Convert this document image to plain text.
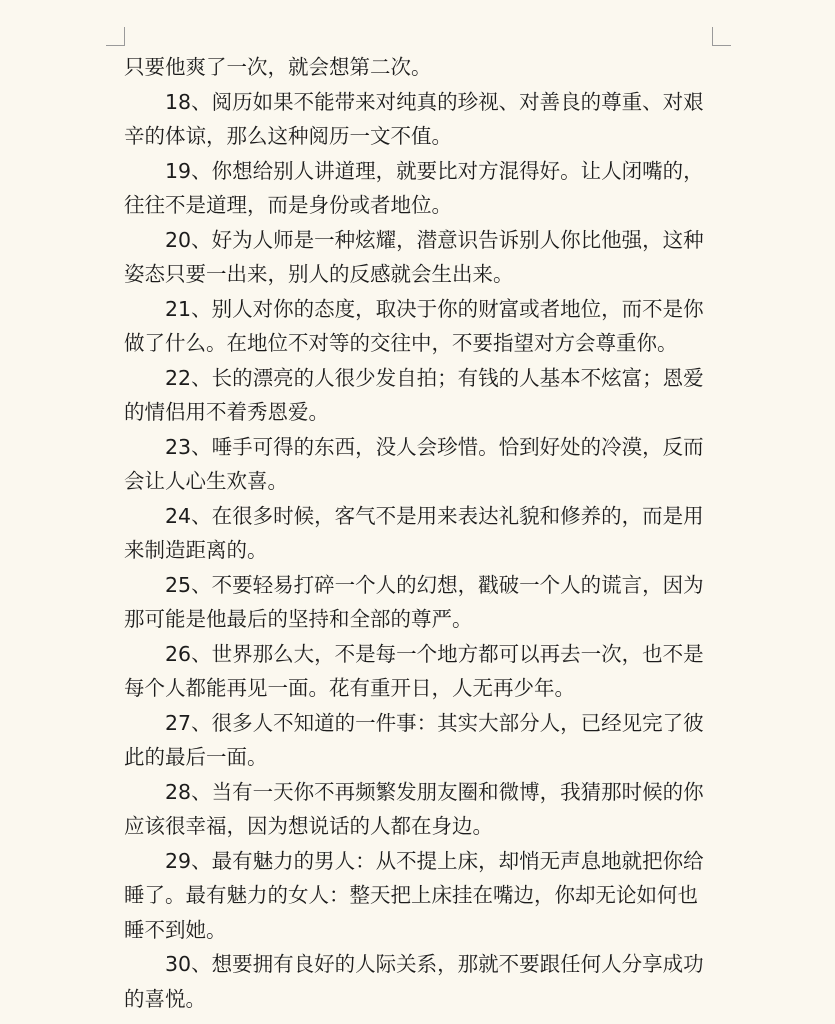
只要他爽了一次，就会想第二次。

18、阅历如果不能带来对纯真的珍视、对善良的尊重、对艰辛的体谅，那么这种阅历一文不值。

19、你想给别人讲道理，就要比对方混得好。让人闭嘴的，往往不是道理，而是身份或者地位。

20、好为人师是一种炫耀，潜意识告诉别人你比他强，这种姿态只要一出来，别人的反感就会生出来。

21、别人对你的态度，取决于你的财富或者地位，而不是你做了什么。在地位不对等的交往中，不要指望对方会尊重你。

22、长的漂亮的人很少发自拍；有钱的人基本不炫富；恩爱的情侣用不着秀恩爱。

23、唾手可得的东西，没人会珍惜。恰到好处的冷漠，反而会让人心生欢喜。

24、在很多时候，客气不是用来表达礼貌和修养的，而是用来制造距离的。

25、不要轻易打碎一个人的幻想，戳破一个人的谎言，因为那可能是他最后的坚持和全部的尊严。

26、世界那么大，不是每一个地方都可以再去一次，也不是每个人都能再见一面。花有重开日，人无再少年。

27、很多人不知道的一件事：其实大部分人，已经见完了彼此的最后一面。

28、当有一天你不再频繁发朋友圈和微博，我猜那时候的你应该很幸福，因为想说话的人都在身边。

29、最有魅力的男人：从不提上床，却悄无声息地就把你给睡了。最有魅力的女人：整天把上床挂在嘴边，你却无论如何也睡不到她。

30、想要拥有良好的人际关系，那就不要跟任何人分享成功的喜悦。
